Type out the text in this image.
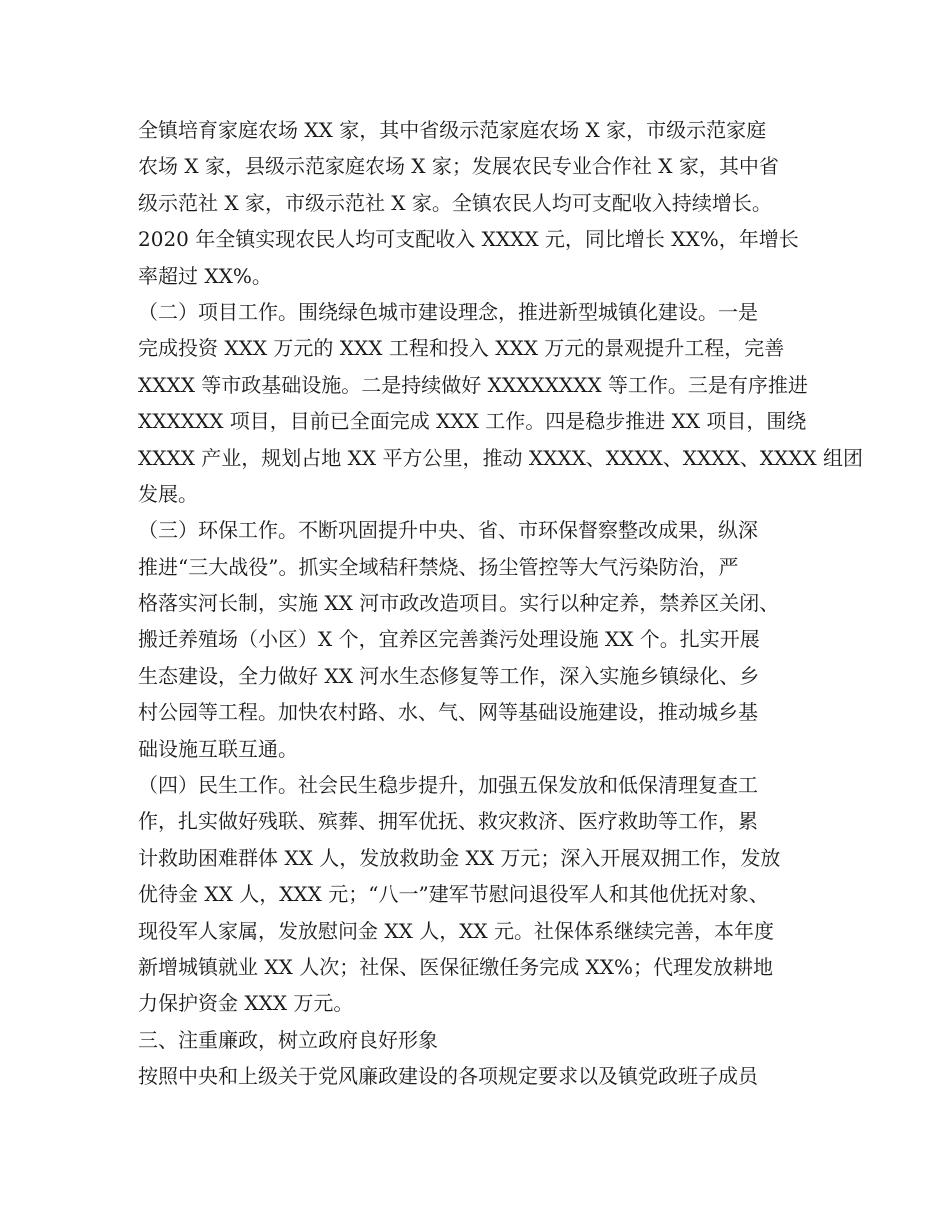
全镇培育家庭农场 XX 家，其中省级示范家庭农场 X 家，市级示范家庭
农场 X 家，县级示范家庭农场 X 家；发展农民专业合作社 X 家，其中省
级示范社 X 家，市级示范社 X 家。全镇农民人均可支配收入持续增长。
2020 年全镇实现农民人均可支配收入 XXXX 元，同比增长 XX%，年增长
率超过 XX%。
（二）项目工作。围绕绿色城市建设理念，推进新型城镇化建设。一是
完成投资 XXX 万元的 XXX 工程和投入 XXX 万元的景观提升工程，完善
XXXX 等市政基础设施。二是持续做好 XXXXXXXX 等工作。三是有序推进
XXXXXX 项目，目前已全面完成 XXX 工作。四是稳步推进 XX 项目，围绕
XXXX 产业，规划占地 XX 平方公里，推动 XXXX、XXXX、XXXX、XXXX 组团
发展。
（三）环保工作。不断巩固提升中央、省、市环保督察整改成果，纵深
推进“三大战役”。抓实全域秸秆禁烧、扬尘管控等大气污染防治，严
格落实河长制，实施 XX 河市政改造项目。实行以种定养，禁养区关闭、
搬迁养殖场（小区）X 个，宜养区完善粪污处理设施 XX 个。扎实开展
生态建设，全力做好 XX 河水生态修复等工作，深入实施乡镇绿化、乡
村公园等工程。加快农村路、水、气、网等基础设施建设，推动城乡基
础设施互联互通。
（四）民生工作。社会民生稳步提升，加强五保发放和低保清理复查工
作，扎实做好残联、殡葬、拥军优抚、救灾救济、医疗救助等工作，累
计救助困难群体 XX 人，发放救助金 XX 万元；深入开展双拥工作，发放
优待金 XX 人，XXX 元；“八一”建军节慰问退役军人和其他优抚对象、
现役军人家属，发放慰问金 XX 人，XX 元。社保体系继续完善，本年度
新增城镇就业 XX 人次；社保、医保征缴任务完成 XX%；代理发放耕地
力保护资金 XXX 万元。
三、注重廉政，树立政府良好形象
按照中央和上级关于党风廉政建设的各项规定要求以及镇党政班子成员
